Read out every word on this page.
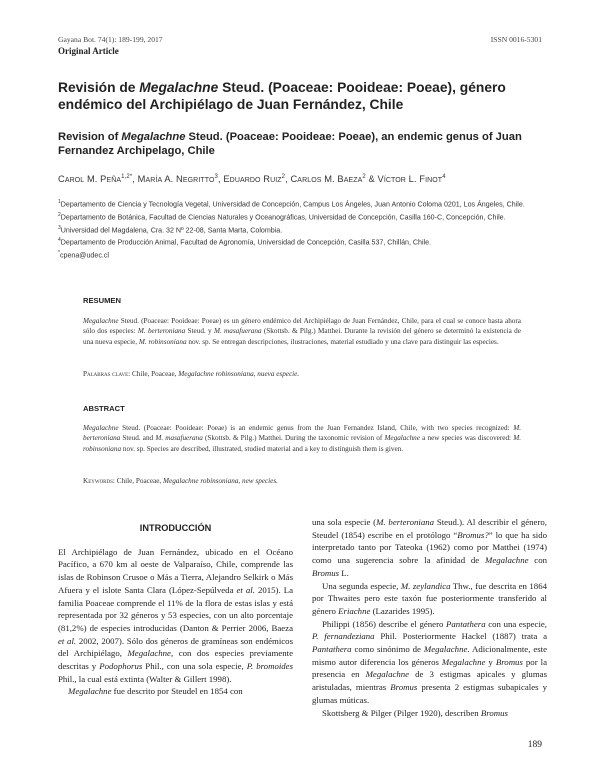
Gayana Bot. 74(1): 189-199, 2017
Original Article
ISSN 0016-5301
Revisión de Megalachne Steud. (Poaceae: Pooideae: Poeae), género endémico del Archipiélago de Juan Fernández, Chile
Revision of Megalachne Steud. (Poaceae: Pooideae: Poeae), an endemic genus of Juan Fernandez Archipelago, Chile
Carol M. Peña$^{1,2*}$, María A. Negritto$^3$, Eduardo Ruiz$^2$, Carlos M. Baeza$^2$ & Víctor L. Finot$^4$
$^1$Departamento de Ciencia y Tecnología Vegetal, Universidad de Concepción, Campus Los Ángeles, Juan Antonio Coloma 0201, Los Ángeles, Chile.
$^2$Departamento de Botánica, Facultad de Ciencias Naturales y Oceanográficas, Universidad de Concepción, Casilla 160-C, Concepción, Chile.
$^3$Universidad del Magdalena, Cra. 32 Nº 22-08, Santa Marta, Colombia.
$^4$Departamento de Producción Animal, Facultad de Agronomía, Universidad de Concepción, Casilla 537, Chillán, Chile.
*cpena@udec.cl
RESUMEN
Megalachne Steud. (Poaceae: Pooideae: Poeae) es un género endémico del Archipiélago de Juan Fernández, Chile, para el cual se conoce hasta ahora sólo dos especies: M. berteroniana Steud. y M. masafuerana (Skottsb. & Pilg.) Matthei. Durante la revisión del género se determinó la existencia de una nueva especie, M. robinsoniana nov. sp. Se entregan descripciones, ilustraciones, material estudiado y una clave para distinguir las especies.
Palabras clave: Chile, Poaceae, Megalachne robinsoniana, nueva especie.
ABSTRACT
Megalachne Steud. (Poaceae: Pooideae: Poeae) is an endemic genus from the Juan Fernandez Island, Chile, with two species recognized: M. berteroniana Steud. and M. masafuerana (Skottsb. & Pilg.) Matthei. During the taxonomic revision of Megalachne a new species was discovered: M. robinsoniana nov. sp. Species are described, illustrated, studied material and a key to distinguish them is given.
Keywords: Chile, Poaceae, Megalachne robinsoniana, new species.
INTRODUCCIÓN

El Archipiélago de Juan Fernández, ubicado en el Océano Pacífico, a 670 km al oeste de Valparaíso, Chile, comprende las islas de Robinson Crusoe o Más a Tierra, Alejandro Selkirk o Más Afuera y el islote Santa Clara (López-Sepúlveda et al. 2015). La familia Poaceae comprende el 11% de la flora de estas islas y está representada por 32 géneros y 53 especies, con un alto porcentaje (81,2%) de especies introducidas (Danton & Perrier 2006, Baeza et al. 2002, 2007). Sólo dos géneros de gramíneas son endémicos del Archipiélago, Megalachne, con dos especies previamente descritas y Podophorus Phil., con una sola especie, P. bromoides Phil., la cual está extinta (Walter & Gillert 1998).

Megalachne fue descrito por Steudel en 1854 con

una sola especie (M. berteroniana Steud.). Al describir el género, Steudel (1854) escribe en el protólogo “Bromus?” lo que ha sido interpretado tanto por Tateoka (1962) como por Matthei (1974) como una sugerencia sobre la afinidad de Megalachne con Bromus L.

Una segunda especie, M. zeylandica Thw., fue descrita en 1864 por Thwaites pero este taxón fue posteriormente transferido al género Eriachne (Lazarides 1995).

Philippi (1856) describe el género Pantathera con una especie, P. fernandeziana Phil. Posteriormente Hackel (1887) trata a Pantathera como sinónimo de Megalachne. Adicionalmente, este mismo autor diferencia los géneros Megalachne y Bromus por la presencia en Megalachne de 3 estigmas apicales y glumas aristuladas, mientras Bromus presenta 2 estigmas subapicales y glumas múticas.

Skottsberg & Pilger (Pilger 1920), describen Bromus

189
